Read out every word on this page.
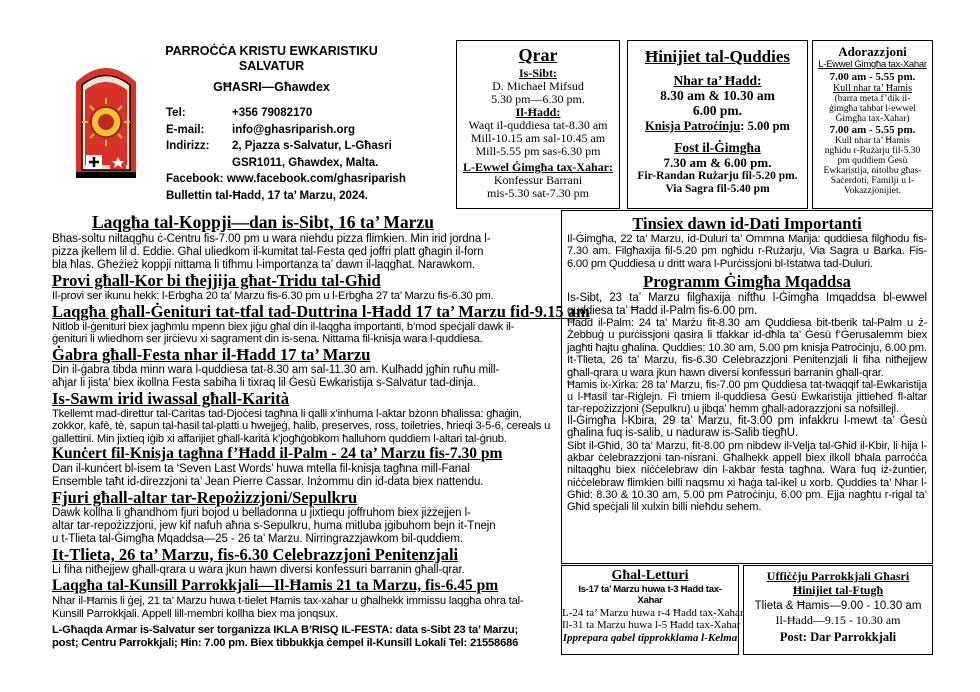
PARROĊĊA KRISTU EWKARISTIKU SALVATUR
GĦASRI—Għawdex
Tel:	+356 79082170
E-mail:	info@ghasriparish.org
Indirizz:	2, Pjazza s-Salvatur, L-Għasri
GSR1011, Għawdex, Malta.
Facebook: www.facebook.com/ghasriparish
Bullettin tal-Ħadd, 17 ta’ Marzu, 2024.
Qrar
Is-Sibt:
D. Michael Mifsud
5.30 pm—6.30 pm.
Il-Ħadd:
Waqt il-quddiesa tat-8.30 am
Mill-10.15 am sal-10.45 am
Mill-5.55 pm sas-6.30 pm
L-Ewwel Ġimgħa tax-Xahar:
Konfessur Barrani
mis-5.30 sat-7.30 pm
Ħinijiet tal-Quddies
Nhar ta’ Ħadd:
8.30 am & 10.30 am
6.00 pm.
Knisja Patroċinju: 5.00 pm
Fost il-Ġimgħa
7.30 am & 6.00 pm.
Fir-Randan Rużarju fil-5.20 pm.
Via Sagra fil-5.40 pm
Adorazzjoni
L-Ewwel Ġimgħa tax-Xahar
7.00 am - 5.55 pm.
Kull nhar ta’ Ħamis
(barra meta f’dik il-
ġimgħa tahbat l-ewwel
Ġimgħa tax-Xahar)
7.00 am - 5.55 pm.
Kull nhar ta’ Ħamis
ngħidu r-Rużarju fil-5.30
pm quddiem Ġesù
Ewkaristija, nitolbu għas-
Saċerdoti, Familji u l-
Vokazzjonijiet.
Laqgħa tal-Koppji—dan is-Sibt, 16 ta’ Marzu
Bhas-soltu niltaqgħu ċ-Centru fis-7.00 pm u wara niehdu pizza flimkien. Min irid jordna l-
pizza jkellem lil d. Eddie. Għal uliedkom il-kumitat tal-Festa qed joffri platt għagin il-forn
bla ħlas. Għeżież koppji nittama li tifhmu l-importanza ta’ dawn il-laqgħat. Narawkom.
Provi għall-Kor bi tħejjija għat-Tridu tal-Għid
Il-provi ser ikunu hekk: l-Erbgħa 20 ta’ Marzu fis-6.30 pm u l-Erbgħa 27 ta’ Marzu fis-6.30 pm.
Laqgħa għall-Ġenituri tat-tfal tad-Duttrina l-Ħadd 17 ta’ Marzu fid-9.15 am
Nitlob il-ġenituri biex jagħmlu mpenn biex jiġu għal din il-laqgħa importanti, b’mod speċjali dawk il-
ġenituri li wliedhom ser jirċievu xi sagrament din is-sena. Nittama fil-knisja wara l-quddiesa.
Ġabra għall-Festa nhar il-Ħadd 17 ta’ Marzu
Din il-ġabra tibda minn wara l-quddiesa tat-8.30 am sal-11.30 am. Kulħadd jgħin ruħu mill-
aħjar li jista’ biex ikollna Festa sabiħa li tixraq lil Ġesù Ewkaristija s-Salvatur tad-dinja.
Is-Sawm irid iwassal għall-Karità
Tkellemt mad-direttur tal-Caritas tad-Djoċesi tagħna li qalli x’inhuma l-aktar bżonn bħalissa: għaġin,
zokkor, kafè, tè, sapun tal-ħasil tal-platti u ħwejjeġ, ħalib, preserves, ross, toiletries, ħrieqi 3-5-6, cereals u
gallettini. Min jixtieq iġib xi affarijiet għall-karità k’jogħġobkom ħalluhom quddiem l-altari tal-ġnub.
Kunċert fil-Knisja tagħna f’Ħadd il-Palm - 24 ta’ Marzu fis-7.30 pm
Dan il-kunċert bl-isem ta ‘Seven Last Words’ huwa mtella fil-knisja tagħna mill-Fanal
Ensemble taħt id-direzzjoni ta’ Jean Pierre Cassar. Inżommu din id-data biex nattendu.
Fjuri għall-altar tar-Repożizzjoni/Sepulkru
Dawk kollha li għandhom fjuri bojod u belladonna u jixtiequ joffruhom biex jiżżejjen l-
altar tar-repożizzjoni, jew kif nafuh aħna s-Sepulkru, huma mitluba jġibuhom bejn it-Tnejn
u t-Tlieta tal-Ġimgħa Mqaddsa—25 - 26 ta’ Marzu. Nirringrazzjawkom bil-quddiem.
It-Tlieta, 26 ta’ Marzu, fis-6.30 Celebrazzjoni Penitenzjali
Li fiha nitħejjew għall-qrara u wara jkun hawn diversi konfessuri barranin għall-qrar.
Laqgħa tal-Kunsill Parrokkjali—Il-Ħamis 21 ta Marzu, fis-6.45 pm
Nhar il-Ħamis li ġej, 21 ta’ Marzu huwa t-tielet Ħamis tax-xahar u għalhekk immissu laqgħa ohra tal-
Kunsill Parrokkjali. Appell lill-membri kollha biex ma jonqsux.
L-Għaqda Armar is-Salvatur ser torganizza IKLA B’RISQ IL-FESTA: data s-Sibt 23 ta’ Marzu;
post; Centru Parrokkjali; Ħin: 7.00 pm. Biex tibbukkja ċempel il-Kunsill Lokali Tel: 21558686
Tinsiex dawn id-Dati Importanti
Il-Ġimgħa, 22 ta’ Marzu, id-Duluri ta’ Ommna Marija: quddiesa filgħodu fis-7.30 am. Filgħaxija fil-5.20 pm ngħidu r-Rużarju, Via Sagra u Barka. Fis-6.00 pm Quddiesa u dritt wara l-Purċissjoni bl-Istatwa tad-Duluri.
Programm Ġimgħa Mqaddsa
Is-Sibt, 23 ta’ Marzu filgħaxija niftħu l-Ġimgħa Imqaddsa bl-ewwel quddiesa ta’ Ħadd il-Palm fis-6.00 pm.
Ħadd il-Palm: 24 ta’ Marżu fit-8.30 am Quddiesa bit-tberik tal-Palm u ż-Żebbuġ u purċissjoni qasira li tfakkar id-dħla ta’ Ġesù f’Ġerusalemm biex jagħti ħajtu għalina. Quddies: 10.30 am, 5.00 pm knisja Patroċinju, 6.00 pm.
It-Tlieta, 26 ta’ Marzu, fis-6.30 Celebrazzjoni Penitenzjali li fiha nitħejjew għall-qrara u wara jkun hawn diversi konfessuri barranin għall-qrar.
Ħamis ix-Xirka: 28 ta’ Marzu, fis-7.00 pm Quddiesa tat-twaqqif tal-Ewkaristija u l-Ħasil tar-Riġlejn. Fi tmiem il-quddiesa Ġesù Ewkaristija jittieħed fl-altar tar-repożizzjoni (Sepulkru) u jibqa’ hemm għall-adorazzjoni sa nofsillejl.
Il-Ġimgħa l-Kbira, 29 ta’ Marzu, fit-3.00 pm infakkru l-mewt ta’ Ġesù għalina fuq is-salib, u naduraw is-Salib tiegħU.
Sibt il-Għid, 30 ta’ Marzu, fit-8.00 pm nibdew il-Velja tal-Għid il-Kbir, li hija l-akbar ċelebrazzjoni tan-nisrani. Għalhekk appell biex ilkoll bħala parroċċa niltaqgħu biex niċċelebraw din l-akbar festa tagħna. Wara fuq iż-żuntier, niċċelebraw flimkien billi naqsmu xi ħaġa tal-ikel u xorb. Quddies ta’ Nhar l-Għid: 8.30 & 10.30 am, 5.00 pm Patroċinju, 6.00 pm. Ejja nagħtu r-rigal ta’ Għid speċjali lil xulxin billi nieħdu sehem.
Għal-Letturi
Is-17 ta’ Marzu huwa t-3 Ħadd tax-
Xahar
L-24 ta’ Marzu huwa r-4 Ħadd tax-Xahar
Il-31 ta Marzu huwa l-5 Ħadd tax-Xahar
Ipprepara qabel tipprokklama l-Kelma
Uffiċċju Parrokkjali Għasri
Ħinijiet tal-Ftugħ
Tlieta & Ħamis—9.00 - 10.30 am
Il-Ħadd—9.15 - 10.30 am
Post: Dar Parrokkjali
